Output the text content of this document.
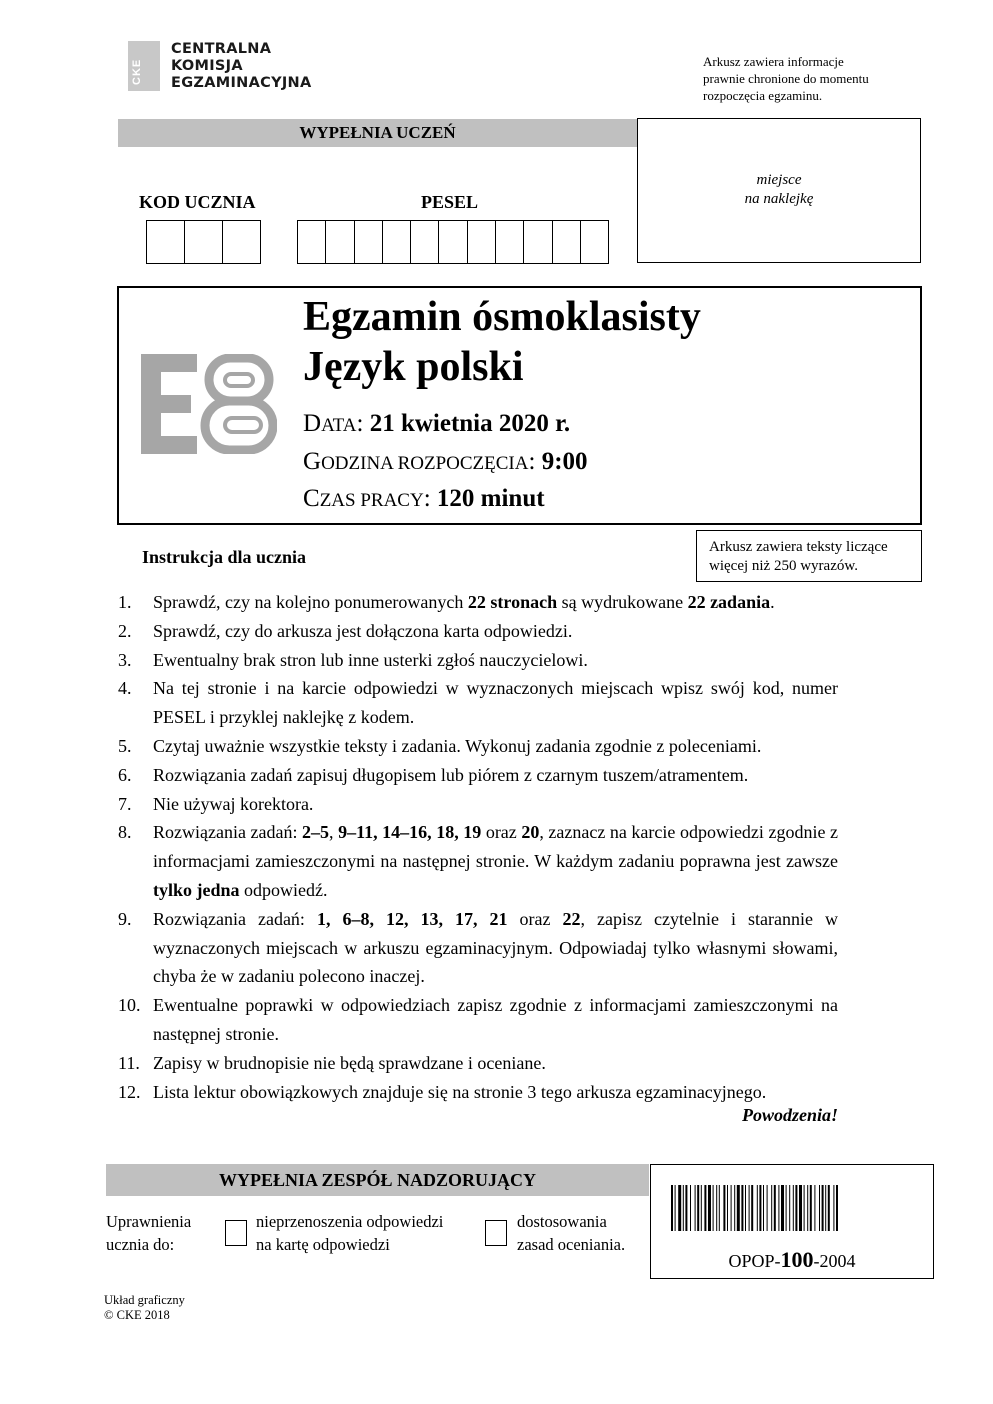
CKE
CENTRALNA
KOMISJA
EGZAMINACYJNA
Arkusz zawiera informacje
prawnie chronione do momentu
rozpoczęcia egzaminu.
WYPEŁNIA UCZEŃ
miejsce
na naklejkę
KOD UCZNIA	PESEL
Egzamin ósmoklasisty
Język polski
DATA: 21 kwietnia 2020 r.
GODZINA ROZPOCZĘCIA: 9:00
CZAS PRACY: 120 minut
Arkusz zawiera teksty liczące
więcej niż 250 wyrazów.
Instrukcja dla ucznia
1.	Sprawdź, czy na kolejno ponumerowanych 22 stronach są wydrukowane 22 zadania.
2.	Sprawdź, czy do arkusza jest dołączona karta odpowiedzi.
3.	Ewentualny brak stron lub inne usterki zgłoś nauczycielowi.
4.	Na tej stronie i na karcie odpowiedzi w wyznaczonych miejscach wpisz swój kod, numer PESEL i przyklej naklejkę z kodem.
5.	Czytaj uważnie wszystkie teksty i zadania. Wykonuj zadania zgodnie z poleceniami.
6.	Rozwiązania zadań zapisuj długopisem lub piórem z czarnym tuszem/atramentem.
7.	Nie używaj korektora.
8.	Rozwiązania zadań: 2–5, 9–11, 14–16, 18, 19 oraz 20, zaznacz na karcie odpowiedzi zgodnie z informacjami zamieszczonymi na następnej stronie. W każdym zadaniu poprawna jest zawsze tylko jedna odpowiedź.
9.	Rozwiązania zadań: 1, 6–8, 12, 13, 17, 21 oraz 22, zapisz czytelnie i starannie w wyznaczonych miejscach w arkuszu egzaminacyjnym. Odpowiadaj tylko własnymi słowami, chyba że w zadaniu polecono inaczej.
10. Ewentualne poprawki w odpowiedziach zapisz zgodnie z informacjami zamieszczonymi na następnej stronie.
11. Zapisy w brudnopisie nie będą sprawdzane i oceniane.
12. Lista lektur obowiązkowych znajduje się na stronie 3 tego arkusza egzaminacyjnego.
Powodzenia!
WYPEŁNIA ZESPÓŁ NADZORUJĄCY
Uprawnienia
ucznia do:
nieprzenoszenia odpowiedzi
na kartę odpowiedzi
dostosowania
zasad oceniania.
OPOP-100-2004
Układ graficzny
© CKE 2018
